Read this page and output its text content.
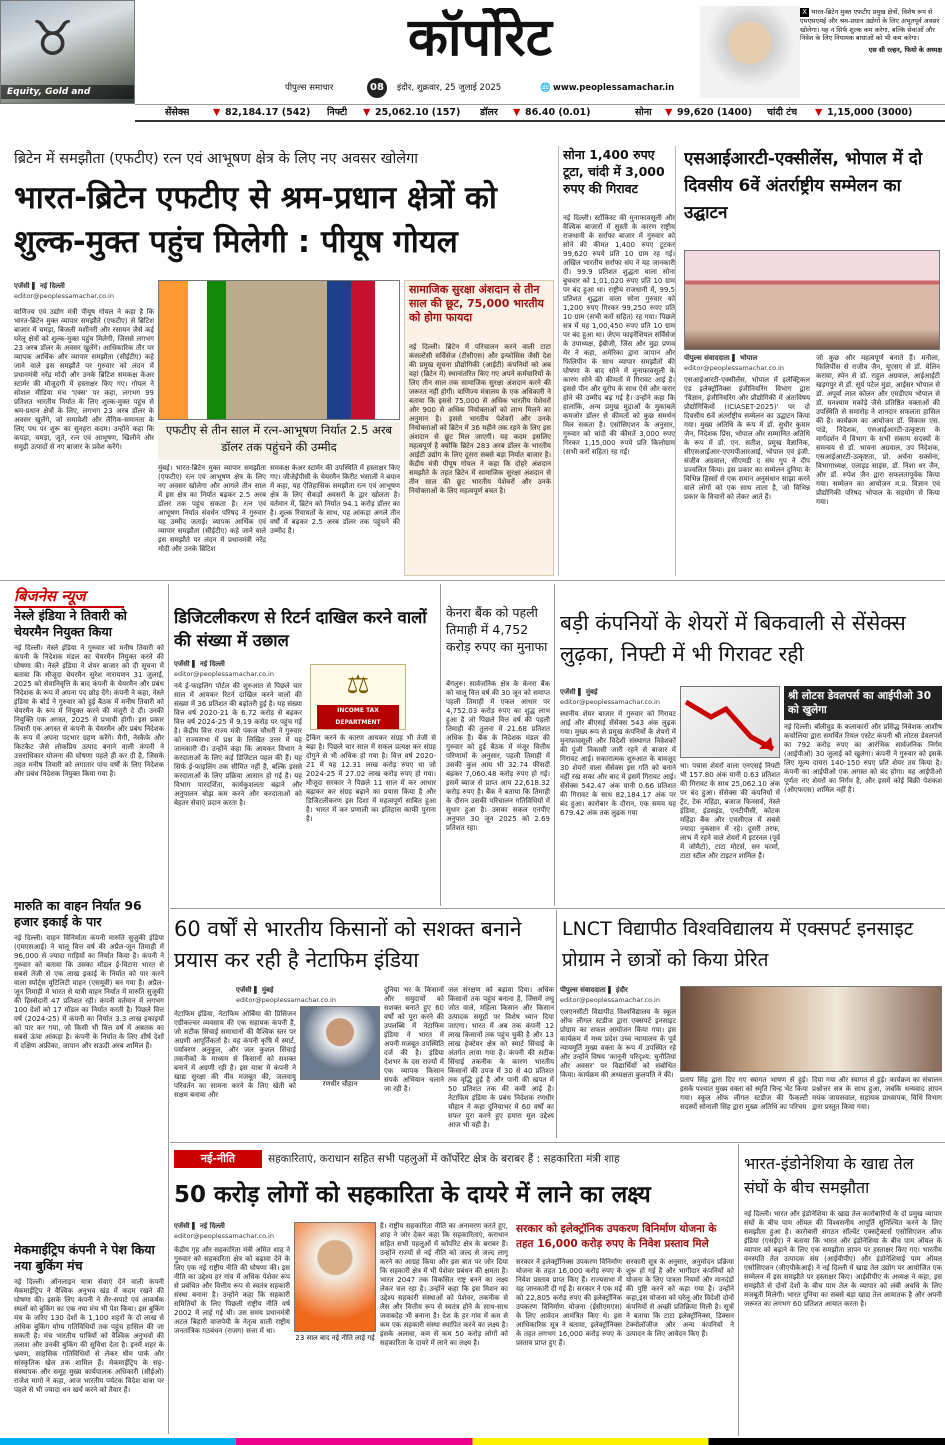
♉
Equity, Gold and
कॉर्पोरेट
पीपुल्स समाचार	08	इंदौर, शुक्रवार, 25 जुलाई 2025	🌐 www.peoplessamachar.in
X भारत-ब्रिटेन मुक्त एफटीए प्रमुख क्षेत्रों, विशेष रूप से एमएसएमई और श्रम-प्रधान उद्योगों के लिए अभूतपूर्व अवसर खोलेगा। यह न सिर्फ शुल्क कम करेगा, बल्कि सेवाओं और निवेश के लिए नियामक बाधाओं को भी कम करेगा।
एस सी रल्हन, फियो के अध्यक्ष
सेंसेक्स ▼ 82,184.17 (542) निफ्टी ▼ 25,062.10 (157) डॉलर ▼ 86.40 (0.01)	सोना ▼ 99,620 (1400) चांदी टंच ▼ 1,15,000 (3000)
ब्रिटेन में समझौता (एफटीए) रत्न एवं आभूषण क्षेत्र के लिए नए अवसर खोलेगा
भारत-ब्रिटेन एफटीए से श्रम-प्रधान क्षेत्रों को शुल्क-मुक्त पहुंच मिलेगी : पीयूष गोयल
एजेंसी ▌ नई दिल्ली
editor@peoplessamachar.co.in
वाणिज्य एवं उद्योग मंत्री पीयूष गोयल ने कहा है कि भारत-ब्रिटेन मुक्त व्यापार समझौते (एफटीए) से ब्रिटिश बाजार में चमड़ा, बिजली मशीनरी और रसायन जैसे कई घरेलू क्षेत्रों को शुल्क-मुक्त पहुंच मिलेगी, जिससे लगभग 23 अरब डॉलर के अवसर खुलेंगे। आधिकारिक तौर पर व्यापक आर्थिक और व्यापार समझौता (सीईटीए) कहे जाने वाले इस समझौते पर गुरुवार को लंदन में प्रधानमंत्री नरेंद्र मोदी और उनके ब्रिटिश समकक्ष केअर स्टार्मर की मौजूदगी में हस्ताक्षर किए गए। गोयल ने सोशल मीडिया मंच 'एक्स' पर कहा, लगभग 99 प्रतिशत भारतीय निर्यात के लिए शुल्क-मुक्त पहुंच से श्रम-प्रधान क्षेत्रों के लिए, लगभग 23 अरब डॉलर के अवसर खुलेंगे, जो समावेशी और लैंगिक-समानता के लिए पथ पर शुरू का सुनहरा कदम। उन्होंने कहा कि कपड़ा, चमड़ा, जूते, रत्न एवं आभूषण, खिलौने और समुद्री उत्पादों से नए बाजार के प्रवेश करेंगे।
एफटीए से तीन साल में रत्न-आभूषण निर्यात 2.5 अरब डॉलर तक पहुंचने की उम्मीद
मुंबई। भारत-ब्रिटेन मुक्त व्यापार समझौता (एफटीए) रत्न एवं आभूषण क्षेत्र के लिए नए अवसर खोलेगा और आगले तीन साल में इस क्षेत्र का निर्यात बढ़कर 2.5 अरब डॉलर तक पहुंच सकता है। रत्न एवं आभूषण निर्यात संवर्धन परिषद ने गुरुवार यह उम्मीद जताई। व्यापक आर्थिक एवं व्यापार समझौता (सीईटीए) कहे जाने वाले इस समझौते पर लंदन में प्रधानमंत्री नरेंद्र मोदी और उनके ब्रिटिश
समकक्ष केअर स्टार्मर की उपस्थिति में हस्ताक्षर किए गए। जीजेईपीसी के चेयरमैन किरीट भंसाली ने बयान में कहा, यह ऐतिहासिक समझौता रत्न एवं आभूषण क्षेत्र के लिए सैकड़ों अवसरों के द्वार खोलता है। वर्तमान में, ब्रिटेन को निर्यात 94.1 करोड़ डॉलर का है। शुल्क रियायतों के साथ, यह आंकड़ा अगले तीन वर्षों में बढ़कर 2.5 अरब डॉलर तक पहुंचने की उम्मीद है।
सामाजिक सुरक्षा अंशदान से तीन साल की छूट, 75,000 भारतीय को होगा फायदा
नई दिल्ली। ब्रिटेन में परिचालन करने वाली टाटा कंसल्टेंसी सर्विसेज (टीसीएस) और इन्फोसिस जैसी देश की प्रमुख सूचना प्रौद्योगिकी (आईटी) कंपनियों को अब वहां (ब्रिटेन में) स्थानांतरित किए गए अपने कर्मचारियों के लिए तीन साल तक सामाजिक सुरक्षा अंशदान करने की जरूरत नहीं होगी। वाणिज्य मंत्रालय के एक अधिकारी ने बताया कि इससे 75,000 से अधिक भारतीय पेशेवरों और 900 से अधिक नियोक्ताओं को लाभ मिलने का अनुमान है। इससे भारतीय पेशेवरों और उनके नियोक्ताओं को ब्रिटेन में 36 महीने तक रहने के लिए इस अंशदान से छूट मिल जाएगी। यह कदम इसलिए महत्वपूर्ण है क्योंकि ब्रिटेन 283 अरब डॉलर के भारतीय आईटी उद्योग के लिए दूसरा सबसे बड़ा निर्यात बाजार है। केंद्रीय मंत्री पीयूष गोयल ने कहा कि दोहरे अंशदान समझौते के तहत ब्रिटेन में सामाजिक सुरक्षा अंशदान से तीन साल की छूट भारतीय पेशेवरों और उनके नियोक्ताओं के लिए महत्वपूर्ण बचत है।
सोना 1,400 रुपए टूटा, चांदी में 3,000 रुपए की गिरावट
नई दिल्ली। स्टॉकिस्ट की मुनाफावसूली और वैश्विक बाजारों में सुस्ती के कारण राष्ट्रीय राजधानी के सर्राफा बाजार में गुरुवार को सोने की कीमत 1,400 रुपए टूटकर 99,620 रुपये प्रति 10 ग्राम रह गई। अखिल भारतीय सर्राफा संघ ने यह जानकारी दी। 99.9 प्रतिशत शुद्धता वाला सोना बुधवार को 1,01,020 रुपए प्रति 10 ग्राम पर बंद हुआ था। राष्ट्रीय राजधानी में, 99.5 प्रतिशत शुद्धता वाला सोना गुरुवार को 1,200 रुपए गिरकर 99,250 रुपए प्रति 10 ग्राम (सभी करों सहित) रह गया। पिछले सत्र में यह 1,00,450 रुपए प्रति 10 ग्राम पर बंद हुआ था। जेएम फाइनेंशियल सर्विसेज के उपाध्यक्ष, ईबीजी, जिंस और मुद्रा प्रणव मेर ने कहा, अमेरिका द्वारा जापान और फिलिपीन के साथ व्यापार समझौतों की घोषणा के बाद सोने में मुनाफावसूली के कारण सोने की कीमतों में गिरावट आई है। इससे पीन और यूरोप के साथ ऐसे और करार होने की उम्मीद बढ़ गई है। उन्होंने कहा कि हालांकि, अन्य प्रमुख मुद्राओं के मुकाबले कमजोर डॉलर से कीमतों को कुछ समर्थन मिल सकता है। एसोसिएशन के अनुसार, गुरुवार को चांदी की कीमतें 3,000 रुपए गिरकर 1,15,000 रुपये प्रति किलोग्राम (सभी करों सहित) रह गईं।
एसआईआरटी-एक्सीलेंस, भोपाल में दो दिवसीय 6वें अंतर्राष्ट्रीय सम्मेलन का उद्घाटन
पीपुल्स संवाददाता ▌ भोपाल
editor@peoplessamachar.co.in
एसआईआरटी-एक्सीलेंस, भोपाल में इलेक्ट्रिकल एंड इलेक्ट्रॉनिक्स इंजीनियरिंग विभाग द्वारा 'विज्ञान, इंजीनियरिंग और प्रौद्योगिकी में अंतःविषय प्रौद्योगिकियों (ICIASET-2025)' पर दो दिवसीय 6वें अंतर्राष्ट्रीय सम्मेलन का उद्घाटन किया गया। मुख्य अतिथि के रूप में डॉ. सुधीर कुमार जैन, निदेशक प्रिंस, भोपाल और सम्मानित अतिथि के रूप में डॉ. एन. सतीश, प्रमुख वैज्ञानिक, सीएसआईआर-एएमपीआरआई, भोपाल एवं इंजी. संजीव अग्रवाल, सीएमडी द संघ गुप ने दीप प्रज्वलित किया। इस प्रकार का सम्मेलन दुनिया के विभिन्न हिस्सों से एक समान अनुसंधान साझा करने वाले लोगों को एक साथ लाता है, जो विभिन्न प्रकार के विचारों को लेकर आते हैं।
जो कुछ और महत्वपूर्ण बनाते हैं। मनीला, फिलिपींस से राजीव जैन, यूएसए से डॉ. येलिन करावा, स्पेन से डॉ. राहुल अग्रवाल, आईआईटी खड़गपुर से डॉ. सूर्य पटेल मुंडा, आईसर भोपाल से डॉ. अपूर्वा लाल कोलन और एमडीएम भोपाल से डॉ. घनश्याम मकोड़े जैसे प्रतिष्ठित वक्ताओं की उपस्थिति से समारोह ने शानदार सफलता हासिल की है। कार्यक्रम का आयोजन डॉ. विकास एस. पांडे, निदेशक, एसआईआरटी-उत्कृष्टता के मार्गदर्शन में विभाग के सभी संकाय सदस्यों के समन्वय से डॉ. भावना अग्रवाल, उप निदेशक, एसआईआरटी-उत्कृष्टता, प्रो. अर्चना सक्सेना, विभागाध्यक्ष, एलाइड साइंस, डॉ. निशा धर जैन, और डॉ. रुपेश जैन द्वारा सफलतापूर्वक किया गया। सम्मेलन का आयोजन म.प्र. विज्ञान एवं प्रौद्योगिकी परिषद भोपाल के सहयोग से किया गया।
बिजनेस न्यूज
नेस्ले इंडिया ने तिवारी को चेयरमैन नियुक्त किया
नई दिल्ली। नेस्ले इंडिया ने गुरुवार को मनीष तिवारी को कंपनी के निदेशक मंडल का चेयरमैन नियुक्त करने की घोषणा की। नेस्ले इंडिया ने शेयर बाजार को दी सूचना में बताया कि मौजूदा चेयरमैन सुरेश नारायणन 31 जुलाई, 2025 को सेवानिवृत्ति के बाद कंपनी के चेयरमैन और प्रबंध निदेशक के रूप में अपना पद छोड़ देंगे। कंपनी ने कहा, नेस्ले इंडिया के बोर्ड ने गुरुवार को हुई बैठक में मनीष तिवारी को चेयरमैन के रूप में नियुक्त करने की मंजूरी दे दी। उनकी नियुक्ति एक अगस्त, 2025 से प्रभावी होगी। इस प्रकार तिवारी एक अगस्त से कंपनी के चेयरमैन और प्रबंध निदेशक के रूप में अपना पदभार ग्रहण करेंगे। मैगी, नेस्कैफे और किटकैट जैसे लोकप्रिय उत्पाद बनाने वाली कंपनी ने उत्तराधिकार योजना की घोषणा पहले ही कर दी है, जिसके तहत मनीष तिवारी को लगातार पांच वर्षों के लिए निदेशक और प्रबंध निदेशक नियुक्त किया गया है।
मारुति का वाहन निर्यात 96 हजार इकाई के पार
नई दिल्ली। वाहन विनिर्माता कंपनी मारुति सुजुकी इंडिया (एमएसआई) ने चालू वित्त वर्ष की अप्रैल-जून तिमाही में 96,000 से ज्यादा गाड़ियों का निर्यात किया है। कंपनी ने गुरुवार को बताया कि उसका मॉडल ई-विटारा भारत से सबसे तेजी से एक लाख इकाई के निर्यात को पार करने वाला स्पोर्ट्स यूटिलिटी वाहन (एसयूवी) बन गया है। अप्रैल-जून तिमाही में भारत से यात्री वाहन निर्यात में मारुति सुजुकी की हिस्सेदारी 47 प्रतिशत रही। कंपनी वर्तमान में लगभग 100 देशों को 17 मॉडल का निर्यात करती है। पिछले वित्त वर्ष (2024-25) में कंपनी का निर्यात 3.3 लाख इकाइयों को पार कर गया, जो किसी भी वित्त वर्ष में अबतक का सबसे ऊंचा आंकड़ा है। कंपनी के निर्यात के लिए शीर्ष देशों में दक्षिण अफ्रीका, जापान और सऊदी अरब शामिल हैं।
मेकमाईट्रिप कंपनी ने पेश किया नया बुकिंग मंच
नई दिल्ली। ऑनलाइन यात्रा सेवाएं देने वाली कंपनी मेकमाईट्रिप ने वैश्विक अनुभव खंड में कदम रखने की घोषणा की। इसके लिए कंपनी ने सैर-सपाटे एवं आकर्षक स्थलों को बुकिंग का एक नया मंच भी पेश किया। इस बुकिंग मंच के जरिए 130 देशों के 1,100 शहरों के दो लाख से अधिक बुकिंग योग्य गतिविधियों तक पहुंच हासिल की जा सकती है। मंच भारतीय यात्रियों को वैश्विक अनुभवों की तलाश और उनकी बुकिंग की सुविधा देता है। इनमें शहर के भ्रमण, साहसिक गतिविधियों से लेकर थीम पार्क और सांस्कृतिक खेल तक शामिल हैं। मेकमाईट्रिप के सह-संस्थापक और समूह मुख्य कार्यपालक अधिकारी (सीईओ) राजेश मागो ने कहा, आज भारतीय पर्यटक विदेश यात्रा पर पहले से भी ज्यादा धन खर्च करने को तैयार हैं।
डिजिटलीकरण से रिटर्न दाखिल करने वालों की संख्या में उछाल
एजेंसी ▌ नई दिल्ली
editor@peoplessamachar.co.in
नये ई-फाइलिंग पोर्टल की शुरुआत से पिछले चार साल में आयकर रिटर्न दाखिल करने वालों की संख्या में 36 प्रतिशत की बढ़ोतरी हुई है। यह संख्या वित्त वर्ष 2020-21 के 6.72 करोड़ से बढ़कर वित्त वर्ष 2024-25 में 9.19 करोड़ पर पहुंच गई है। केंद्रीय वित्त राज्य मंत्री पंकज चौधरी ने गुरुवार को राज्यसभा में प्रश्न के लिखित उत्तर में यह जानकारी दी। उन्होंने कहा कि आयकर विभाग ने करदाताओं के लिए कई डिजिटल पहल की हैं। यह सिर्फ ई-फाइलिंग तक सीमित नहीं है, बल्कि इससे करदाताओं के लिए प्रक्रिया आसान हो गई है। यह विभाग पारदर्शिता, कार्यकुशलता बढ़ाने और अनुपालन बोझ कम करने और करदाताओं को बेहतर सेवाएं प्रदान करता है।
⚖
INCOME TAX DEPARTMENT
ट्रैकिंग करने के कारण आयकर संग्रह भी तेजी से बढ़ा है। पिछले चार साल में सकल प्रत्यक्ष कर संग्रह दोगुने से भी अधिक हो गया है। वित्त वर्ष 2020-21 में यह 12.31 लाख करोड़ रुपए था जो 2024-25 में 27.02 लाख करोड़ रुपए हो गया। मौजूदा सरकार ने पिछले 11 साल में कर आधार बढ़ाकर कर संग्रह बढ़ाने का प्रयास किया है और डिजिटलीकरण इस दिशा में महत्वपूर्ण साबित हुआ है। भारत में कर प्रणाली का इतिहास काफी पुराना है।
केनरा बैंक को पहली तिमाही में 4,752 करोड़ रुपए का मुनाफा
बेंगलुरु। सार्वजनिक क्षेत्र के केनरा बैंक को चालू वित्त वर्ष की 30 जून को समाप्त पहली तिमाही में एकल आधार पर 4,752.03 करोड़ रुपए का शुद्ध लाभ हुआ है जो पिछले वित्त वर्ष की पहली तिमाही की तुलना में 21.68 प्रतिशत अधिक है। बैंक के निदेशक मंडल की गुरुवार को हुई बैठक में मंजूर वित्तीय परिणामों के अनुसार, पहली तिमाही में उसकी कुल आय भी 32.74 फीसदी बढ़कर 7,060.48 करोड़ रुपए हो गई। इसमें ब्याज से प्राप्त आय 22,618.32 करोड़ रुपए है। बैंक ने बताया कि तिमाही के दौरान उसकी परिचालन गतिविधियों में सुधार हुआ है। उसका सकल एनपीए अनुपात 30 जून 2025 को 2.69 प्रतिशत रहा।
बड़ी कंपनियों के शेयरों में बिकवाली से सेंसेक्स लुढ़का, निफ्टी में भी गिरावट रही
एजेंसी ▌ मुंबई
editor@peoplessamachar.co.in
स्थानीय शेयर बाजार में गुरुवार को गिरावट आई और बीएसई सेंसेक्स 543 अंक लुढ़क गया। मुख्य रूप से प्रमुख कंपनियों के शेयरों में मुनाफावसूली और विदेशी संस्थागत निवेशकों की पूंजी निकासी जारी रहने से बाजार में गिरावट आई। सकारात्मक शुरुआत के बावजूद 30 शेयरों वाला सेंसेक्स इस गति को बनाने नहीं रख सका और बाद में इसमें गिरावट आई। सेंसेक्स 542.47 अंक यानी 0.66 प्रतिशत की गिरावट के साथ 82,184.17 अंक पर बंद हुआ। कारोबार के दौरान, एक समय यह 679.42 अंक तक लुढ़क गया
था। पचास शेयरों वाला एनएसई निफ्टी भी 157.80 अंक यानी 0.63 प्रतिशत की गिरावट के साथ 25,062.10 अंक पर बंद हुआ। सेंसेक्स की कंपनियों में ट्रेंट, टेक महिंद्रा, बजाज फिनसर्व, नेस्ले इंडिया, इंडसइंड, एनटीपीसी, कोटक महिंद्रा बैंक और एचसीएल में सबसे ज्यादा नुकसान में रहे। दूसरी तरफ, लाभ में रहने वाले शेयरों में इटरनल (पूर्व में जोमैटो), टाटा मोटर्स, सन फार्मा, टाटा स्टील और टाइटन शामिल हैं।
श्री लोटस डेवलपर्स का आईपीओ 30 को खुलेगा
नई दिल्ली। बॉलीवुड के कलाकारों और प्रसिद्ध निवेशक आशीष कचोलिया द्वारा समर्थित रियल एस्टेट कंपनी श्री लोटस डेवलपर्स का 792 करोड़ रुपए का आरंभिक सार्वजनिक निर्गम (आईपीओ) 30 जुलाई को खुलेगा। कंपनी ने गुरुवार को इसके लिए मूल्य दायरा 140-150 रुपए प्रति शेयर तय किया है। कंपनी का आईपीओ एक अगस्त को बंद होगा। यह आईपीओ पूर्णतः नए शेयरों का निर्गम है, और इसमें कोई बिक्री पेशकश (ओएफएस) शामिल नहीं है।
60 वर्षों से भारतीय किसानों को सशक्त बनाने प्रयास कर रही है नेटाफिम इंडिया
एजेंसी ▌ मुंबई
editor@peoplessamachar.co.in
रणधीर चौहान
दुनिया भर के किसानों और समुदायों को सशक्त बनाते हुए 60 वर्षों को पूरा करने की उपलब्धि में नेटाफिम इंडिया ने भारत में अपनी मजबूत उपस्थिति दर्ज की है। इंडिया देशभर के दस राज्यों में एक व्यापक किसान संपर्क अभियान चलाने जा रही है।
नेटाफिम इंडिया, नेटाफिम ओर्बिया की प्रिसिजन एग्रीकल्चर व्यवसाय की एक सहायक कंपनी है, जो सटीक सिंचाई समाधानों की वैश्विक स्तर पर अग्रणी आपूर्तिकर्ता है। यह कंपनी कृषि में स्मार्ट, पर्यावरण अनुकूल, और जल कुशल सिंचाई तकनीकों के माध्यम से किसानों को सशक्त बनाने में अग्रणी रही है। इस यात्रा में कंपनी ने खाद्य सुरक्षा की नींव मजबूत की, जलवायु परिवर्तन का सामना करने के लिए खेती को सक्षम बनाया और
जल संरक्षण को बढ़ावा दिया। अधिक किसानों तक पहुंच बनाना है, जिसमें लघु जोत वाले, महिला किसान और किसान उत्पादक समूहों पर विशेष ध्यान दिया जाएगा। भारत में अब तक कंपनी 12 लाख किसानों तक पहुंच चुकी है और 13 लाख हेक्टेयर क्षेत्र को स्मार्ट सिंचाई के अंतर्गत लाया गया है। कंपनी की सटीक सिंचाई तकनीक के कारण भारतीय किसानों की उपज में 30 से 40 प्रतिशत तक वृद्धि हुई है और पानी की खपत में 50 प्रतिशत तक की कमी आई है। नेटाफिम इंडिया के प्रबंध निदेशक रणधीर चौहान ने कहा दुनियाभर में 60 वर्षों का सफर पूरा करने हुए हमारा मूल उद्देश्य आज भी वही है।
LNCT विद्यापीठ विश्वविद्यालय में एक्सपर्ट इनसाइट प्रोग्राम ने छात्रों को किया प्रेरित
पीपुल्स संवाददाता ▌ इंदौर
editor@peoplessamachar.co.in
एलएनसीटी विद्यापीठ विश्वविद्यालय के स्कूल ऑफ लीगल स्टडीज द्वारा एक्सपर्ट इनसाइट प्रोग्राम का सफल आयोजन किया गया। इस कार्यक्रम में मध्य प्रदेश उच्च न्यायालय के पूर्व न्यायमूर्ति मुख्य वक्ता के रूप में उपस्थित रहे और उन्होंने विषय 'कानूनी परिदृश्य: चुनौतियां और अवसर' पर विद्यार्थियों को संबोधित किया। कार्यक्रम की अध्यक्षता कुलपति ने की।
प्रताप सिंह द्वारा दिए गए स्वागत भाषण से हुई। इसके पश्चात मुख्य वक्ता को स्मृति चिन्ह भेंट किया गया। स्कूल ऑफ लीगल स्टडीज की फैकल्टी सदस्यों सोनाली सिंह द्वारा मुख्य अतिथि का परिचय
दिया गया और स्वागत से हुई। कार्यक्रम का संचालन प्रश्नोत्तर सत्र के साथ हुआ, जबकि धन्यवाद ज्ञापन मयंक जायसवाल, सहायक प्राध्यापक, विधि विभाग द्वारा प्रस्तुत किया गया।
नई-नीति	सहकारिताएं, कराधान सहित सभी पहलुओं में कॉर्पोरेट क्षेत्र के बराबर हैं : सहकारिता मंत्री शाह
50 करोड़ लोगों को सहकारिता के दायरे में लाने का लक्ष्य
एजेंसी ▌ नई दिल्ली
editor@peoplessamachar.co.in
केंद्रीय गृह और सहकारिता मंत्री अमित शाह ने गुरुवार को सहकारिता क्षेत्र को बढ़ावा देने के लिए एक नई राष्ट्रीय नीति की घोषणा की। इस नीति का उद्देश्य हर गांव में अधिक पेशेवर रूप से प्रबंधित और वित्तीय रूप से स्वतंत्र सहकारी संस्था बनाना है। उन्होंने कहा कि सहकारी समितियों के लिए पिछली राष्ट्रीय नीति वर्ष 2002 में लाई गई थी। उस समय प्रधानमंत्री अटल बिहारी वाजपेयी के नेतृत्व वाली राष्ट्रीय जनतांत्रिक गठबंधन (राजग) सत्ता में था।
23 साल बाद नई नीति लाई गई
है। राष्ट्रीय सहकारिता नीति का अनावरण करते हुए, शाह ने जोर देकर कहा कि सहकारिताएं, कराधान सहित सभी पहलुओं में कॉर्पोरेट क्षेत्र के बराबर हैं। उन्होंने राज्यों से नई नीति को जल्द से जल्द लागू करने का आग्रह किया और इस बात पर जोर दिया कि सहकारी क्षेत्र में भी पेशेवर प्रबंधन की क्षमता है। भारत 2047 तक विकसित राष्ट्र बनने का लक्ष्य लेकर चल रहा है। उन्होंने कहा कि इस मिशन का उद्देश्य सहकारी संस्थाओं को पेशेवर, तकनीक से लैस और वित्तीय रूप से स्वतंत्र होने के साथ-साथ जवाबदेह भी बनाना है। देश के हर गांव में कम से कम एक सहकारी संस्था स्थापित करने का लक्ष्य है। इसके अलावा, कम से कम 50 करोड़ लोगों को सहकारिता के दायरे में लाने का लक्ष्य है।
सरकार को इलेक्ट्रॉनिक उपकरण विनिर्माण योजना के तहत 16,000 करोड़ रुपए के निवेश प्रस्ताव मिले
सरकार ने इलेक्ट्रॉनिक्स उपकरण विनिर्माण योजना के तहत 16,000 करोड़ रुपए के निवेश प्रस्ताव प्राप्त किए हैं। राज्यसभा में यह जानकारी दी गई है। सरकार ने एक मई को 22,805 करोड़ रुपए की इलेक्ट्रॉनिक उपकरण विनिर्माण योजना (ईसीएमएस) के लिए आवेदन आमंत्रित किए थे। इस आधिकारिक सूत्र ने बताया, इलेक्ट्रॉनिक्स के तहत लगभग 16,000 करोड़ रुपए के प्रस्ताव प्राप्त हुए हैं।
सरकारी सूत्र के अनुसार, अनुमोदन प्रक्रिया शुरू हो गई है और भागीदार कंपनियों को योजना के लिए पात्रता नियमों और मानदंडों की पुष्टि करने को कहा गया है। उन्होंने कहा,इस योजना को घरेलू और विदेशी दोनों कंपनियों से अच्छी प्रतिक्रिया मिली है। सूत्रों ने बताया कि टाटा इलेक्ट्रॉनिक्स, डिक्सन टेक्नोलॉजीज और अन्य कंपनियों ने उत्पादन के लिए आवेदन किए हैं।
भारत-इंडोनेशिया के खाद्य तेल संघों के बीच समझौता
नई दिल्ली। भारत और इंडोनेशिया के खाद्य तेल कारोबारियों के दो प्रमुख व्यापार संघों के बीच पाम ऑयल की विश्वसनीय आपूर्ति सुनिश्चित करने के लिए समझौता हुआ है। कारोबारी संगठन सॉल्वेंट एक्सट्रैक्टर्स एसोसिएशन ऑफ इंडिया (एसईए) ने बताया कि भारत और इंडोनेशिया के बीच पाम ऑयल के व्यापार को बढ़ाने के लिए एक समझौता ज्ञापन पर हस्ताक्षर किए गए। भारतीय वनस्पति तेल उत्पादक संघ (आईवीपीए) और इंडोनेशियाई पाम ऑयल एसोसिएशन (जीएपीकेआई) ने नई दिल्ली में खाद्य तेल उद्योग पर आयोजित एक सम्मेलन में इस समझौते पर हस्ताक्षर किए। आईवीपीए के अध्यक्ष ने कहा, इस समझौते से दोनों देशों के बीच पाम तेल के व्यापार को लंबी अवधि के लिए मजबूती मिलेगी। भारत दुनिया का सबसे बड़ा खाद्य तेल आयातक है और अपनी जरूरत का लगभग 60 प्रतिशत आयात करता है।
